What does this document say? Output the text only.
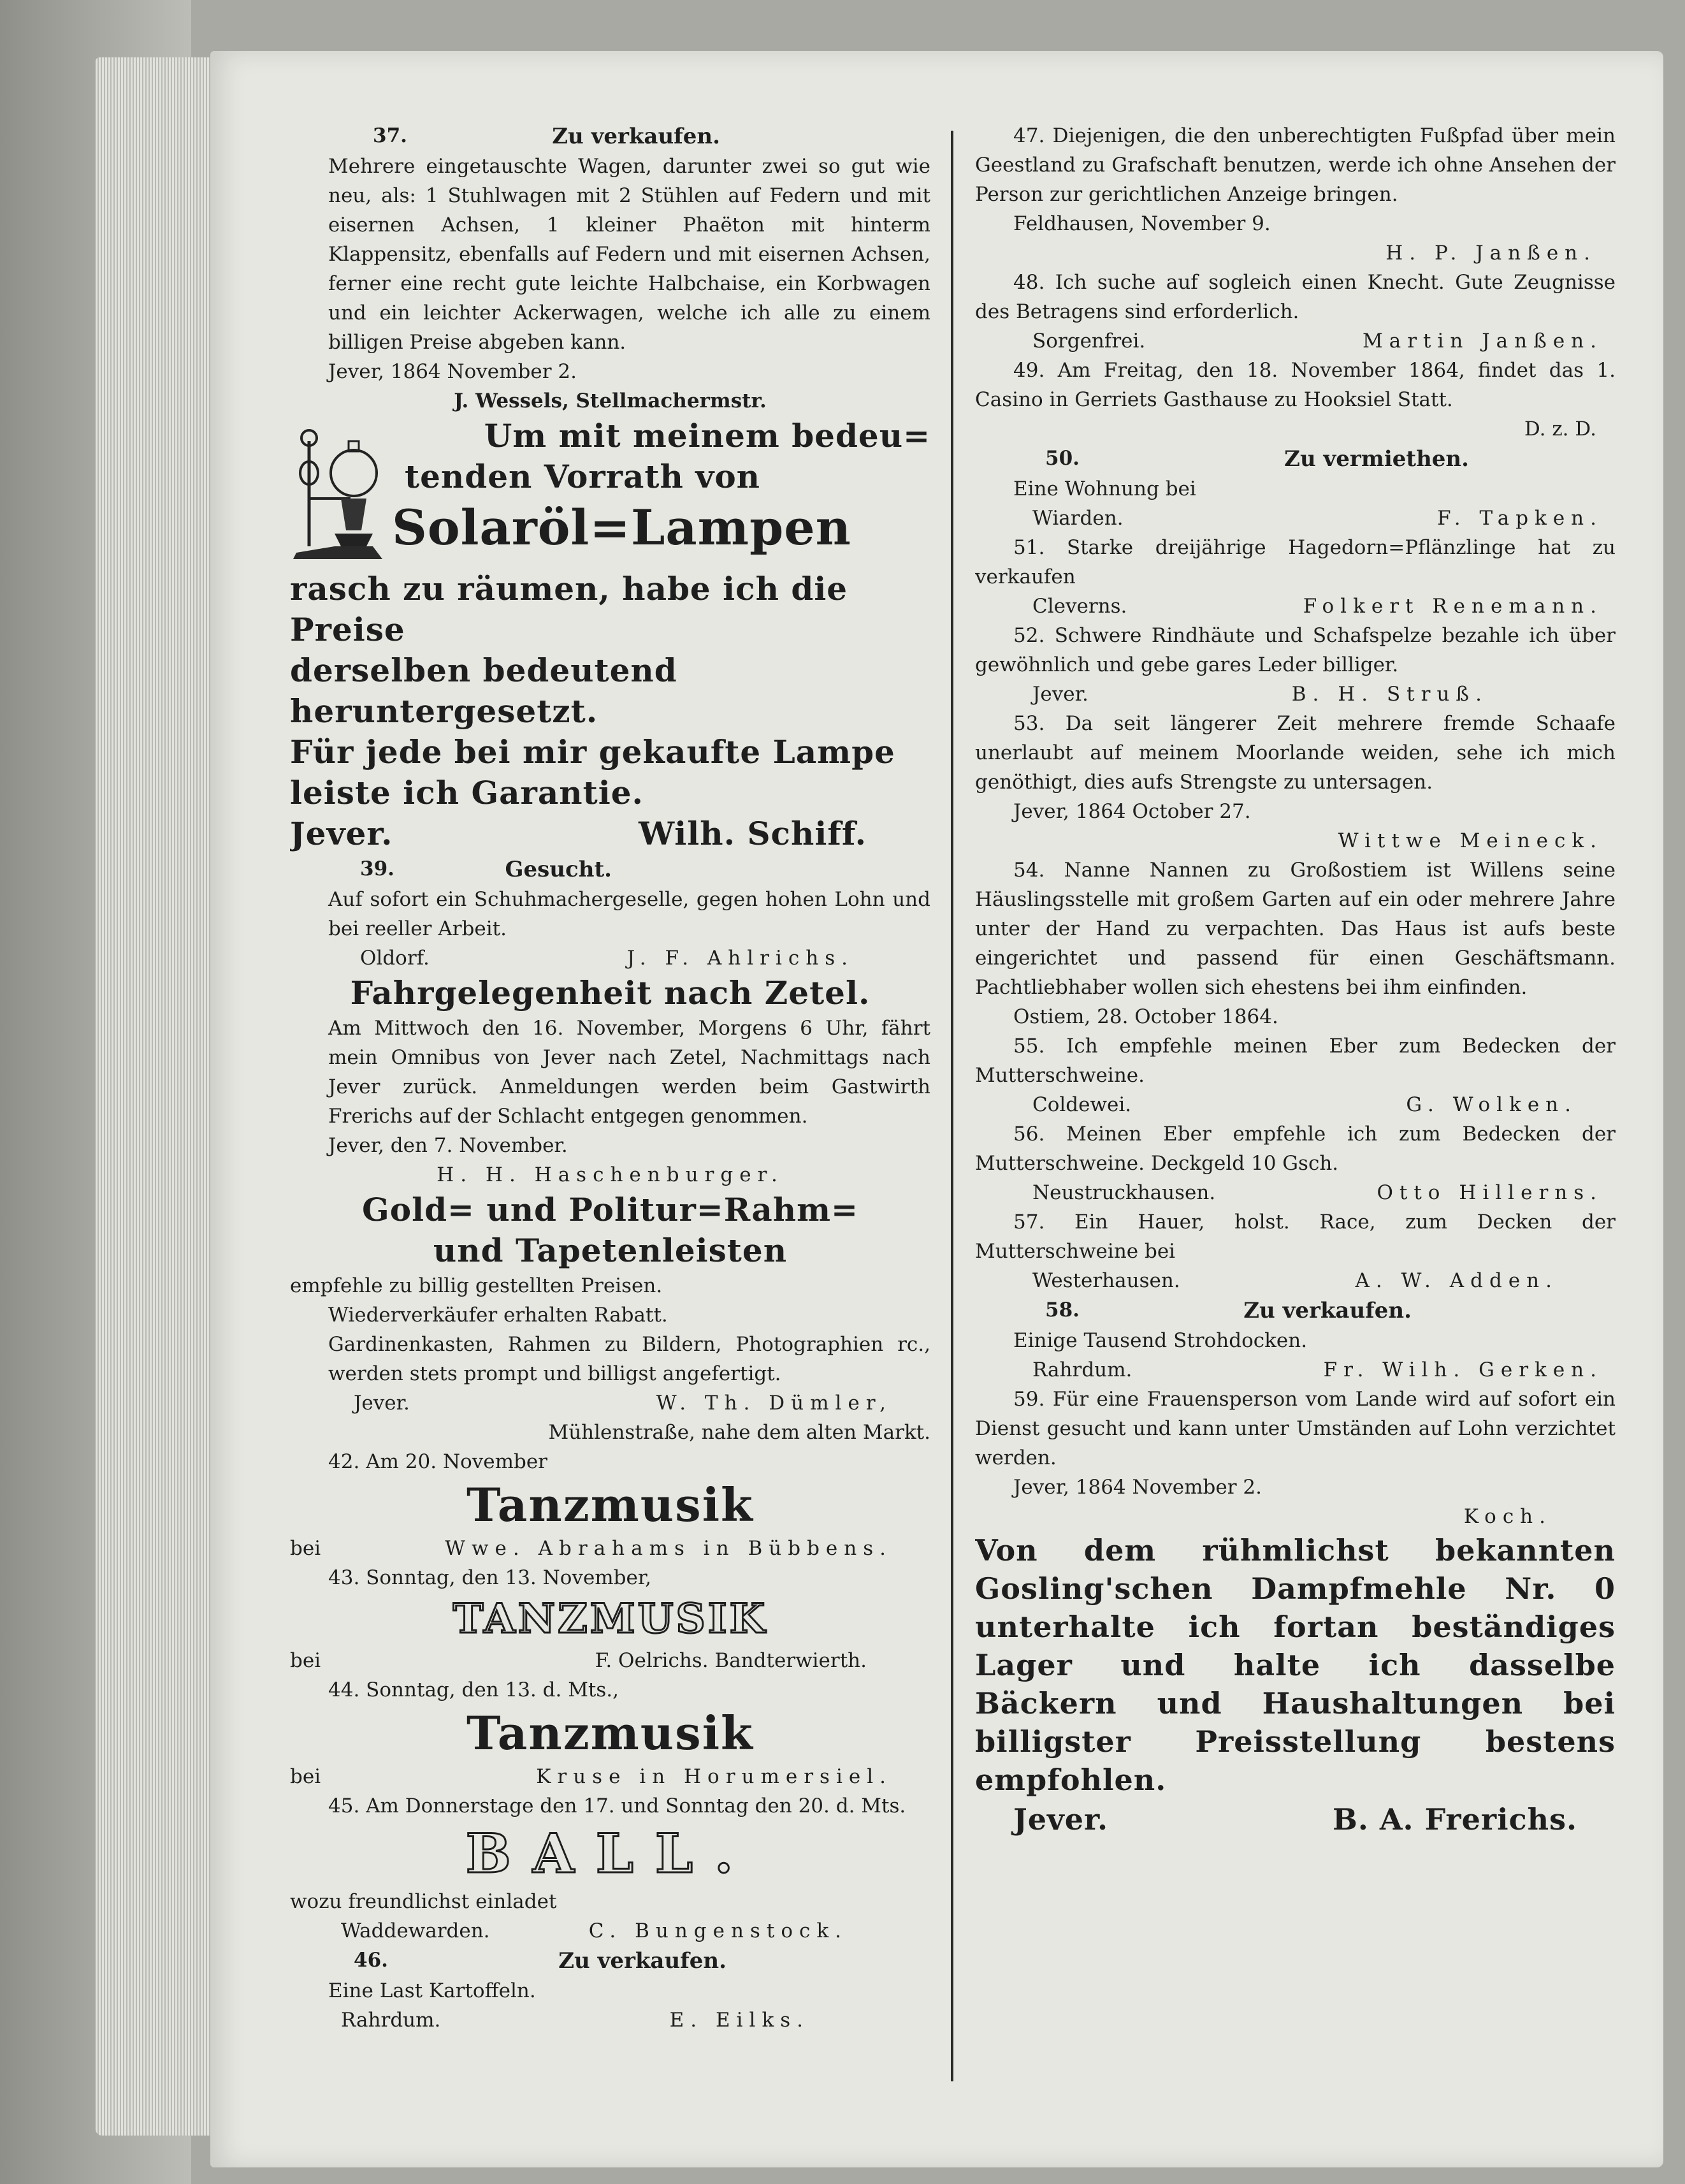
37.	Zu verkaufen.

Mehrere eingetauschte Wagen, darunter zwei so gut wie neu, als: 1 Stuhlwagen mit 2 Stühlen auf Federn und mit eisernen Achsen, 1 kleiner Phaëton mit hinterm Klappensitz, ebenfalls auf Federn und mit eisernen Achsen, ferner eine recht gute leichte Halbchaise, ein Korbwagen und ein leichter Ackerwagen, welche ich alle zu einem billigen Preise abgeben kann.

Jever, 1864 November 2.

J. Wessels, Stellmachermstr.

Um mit meinem bedeu=

tenden Vorrath von

Solaröl=Lampen

rasch zu räumen, habe ich die Preise

derselben bedeutend heruntergesetzt.

Für jede bei mir gekaufte Lampe

leiste ich Garantie.

Jever.	Wilh. Schiff.
39.	Gesucht.

Auf sofort ein Schuhmachergeselle, gegen hohen Lohn und bei reeller Arbeit.

Oldorf.	J. F. Ahlrichs.

Fahrgelegenheit nach Zetel.

Am Mittwoch den 16. November, Morgens 6 Uhr, fährt mein Omnibus von Jever nach Zetel, Nachmittags nach Jever zurück. Anmeldungen werden beim Gastwirth Frerichs auf der Schlacht entgegen genommen.

Jever, den 7. November.

H. H. Haschenburger.

Gold= und Politur=Rahm=

und Tapetenleisten

empfehle zu billig gestellten Preisen.

Wiederverkäufer erhalten Rabatt.

Gardinenkasten, Rahmen zu Bildern, Photographien rc., werden stets prompt und billigst angefertigt.

Jever.	W. Th. Dümler,

Mühlenstraße, nahe dem alten Markt.

42. Am 20. November

Tanzmusik

bei	Wwe. Abrahams in Bübbens.

43. Sonntag, den 13. November,

TANZMUSIK

bei	F. Oelrichs. Bandterwierth.

44. Sonntag, den 13. d. Mts.,

Tanzmusik

bei	Kruse in Horumersiel.

45. Am Donnerstage den 17. und Sonntag den 20. d. Mts.

BALL.

wozu freundlichst einladet

Waddewarden.	C. Bungenstock.
46.	Zu verkaufen.

Eine Last Kartoffeln.

Rahrdum.	E. Eilks.

47. Diejenigen, die den unberechtigten Fußpfad über mein Geestland zu Grafschaft benutzen, werde ich ohne Ansehen der Person zur gerichtlichen Anzeige bringen.

Feldhausen, November 9.

H. P. Janßen.

48. Ich suche auf sogleich einen Knecht. Gute Zeugnisse des Betragens sind erforderlich.

Sorgenfrei.	Martin Janßen.

49. Am Freitag, den 18. November 1864, findet das 1. Casino in Gerriets Gasthause zu Hooksiel Statt.

D. z. D.

50.	Zu vermiethen.

Eine Wohnung bei

Wiarden.	F. Tapken.

51. Starke dreijährige Hagedorn=Pflänzlinge hat zu verkaufen

Cleverns.	Folkert Renemann.

52. Schwere Rindhäute und Schafspelze bezahle ich über gewöhnlich und gebe gares Leder billiger.

Jever.	B. H. Struß.

53. Da seit längerer Zeit mehrere fremde Schaafe unerlaubt auf meinem Moorlande weiden, sehe ich mich genöthigt, dies aufs Strengste zu untersagen.

Jever, 1864 October 27.

Wittwe Meineck.

54. Nanne Nannen zu Großostiem ist Willens seine Häuslingsstelle mit großem Garten auf ein oder mehrere Jahre unter der Hand zu verpachten. Das Haus ist aufs beste eingerichtet und passend für einen Geschäftsmann. Pachtliebhaber wollen sich ehestens bei ihm einfinden.

Ostiem, 28. October 1864.

55. Ich empfehle meinen Eber zum Bedecken der Mutterschweine.

Coldewei.	G. Wolken.

56. Meinen Eber empfehle ich zum Bedecken der Mutterschweine. Deckgeld 10 Gsch.

Neustruckhausen.	Otto Hillerns.

57. Ein Hauer, holst. Race, zum Decken der Mutterschweine bei

Westerhausen.	A. W. Adden.
58.	Zu verkaufen.

Einige Tausend Strohdocken.

Rahrdum.	Fr. Wilh. Gerken.

59. Für eine Frauensperson vom Lande wird auf sofort ein Dienst gesucht und kann unter Umständen auf Lohn verzichtet werden.

Jever, 1864 November 2.

Koch.

Von dem rühmlichst bekannten Gosling'schen Dampfmehle Nr. 0 unterhalte ich fortan beständiges Lager und halte ich dasselbe Bäckern und Haushaltungen bei billigster Preisstellung bestens empfohlen.

Jever.	B. A. Frerichs.
